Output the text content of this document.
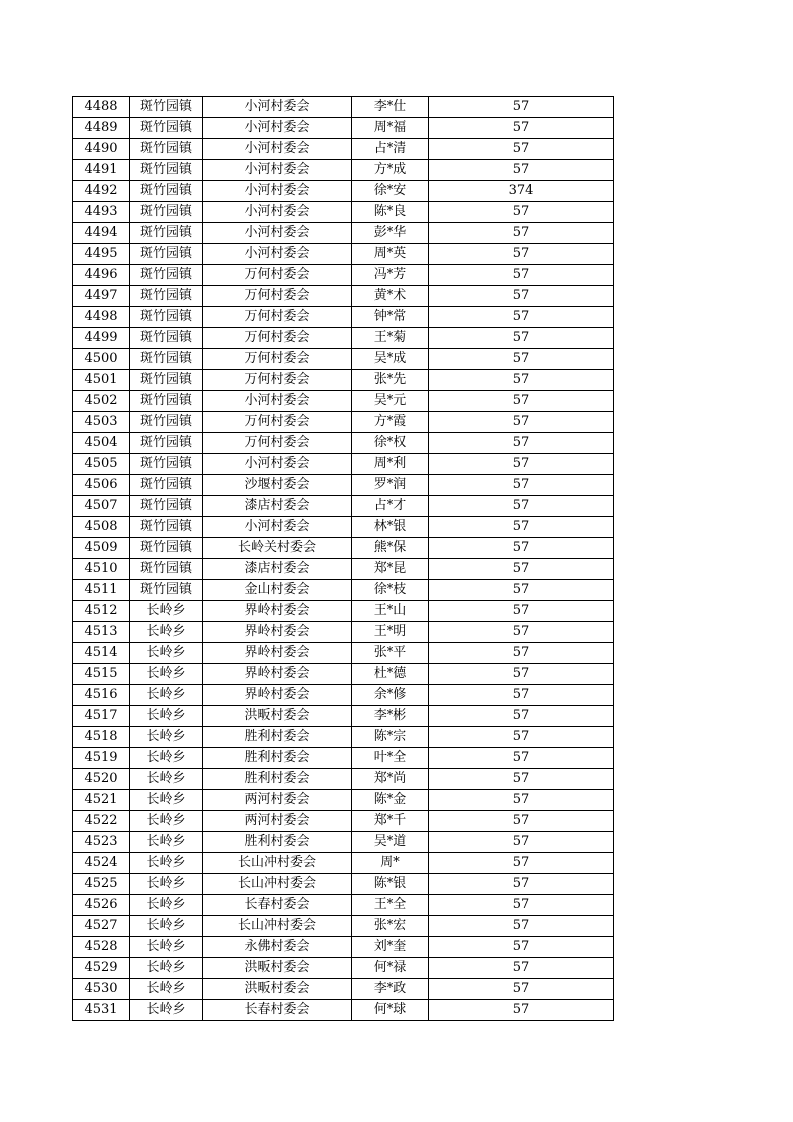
4488	斑竹园镇	小河村委会	李*仕	57
4489	斑竹园镇	小河村委会	周*福	57
4490	斑竹园镇	小河村委会	占*清	57
4491	斑竹园镇	小河村委会	方*成	57
4492	斑竹园镇	小河村委会	徐*安	374
4493	斑竹园镇	小河村委会	陈*良	57
4494	斑竹园镇	小河村委会	彭*华	57
4495	斑竹园镇	小河村委会	周*英	57
4496	斑竹园镇	万何村委会	冯*芳	57
4497	斑竹园镇	万何村委会	黄*术	57
4498	斑竹园镇	万何村委会	钟*常	57
4499	斑竹园镇	万何村委会	王*菊	57
4500	斑竹园镇	万何村委会	吴*成	57
4501	斑竹园镇	万何村委会	张*先	57
4502	斑竹园镇	小河村委会	吴*元	57
4503	斑竹园镇	万何村委会	方*霞	57
4504	斑竹园镇	万何村委会	徐*权	57
4505	斑竹园镇	小河村委会	周*利	57
4506	斑竹园镇	沙堰村委会	罗*润	57
4507	斑竹园镇	漆店村委会	占*才	57
4508	斑竹园镇	小河村委会	林*银	57
4509	斑竹园镇	长岭关村委会	熊*保	57
4510	斑竹园镇	漆店村委会	郑*昆	57
4511	斑竹园镇	金山村委会	徐*枝	57
4512	长岭乡	界岭村委会	王*山	57
4513	长岭乡	界岭村委会	王*明	57
4514	长岭乡	界岭村委会	张*平	57
4515	长岭乡	界岭村委会	杜*德	57
4516	长岭乡	界岭村委会	余*修	57
4517	长岭乡	洪畈村委会	李*彬	57
4518	长岭乡	胜利村委会	陈*宗	57
4519	长岭乡	胜利村委会	叶*全	57
4520	长岭乡	胜利村委会	郑*尚	57
4521	长岭乡	两河村委会	陈*金	57
4522	长岭乡	两河村委会	郑*千	57
4523	长岭乡	胜利村委会	吴*道	57
4524	长岭乡	长山冲村委会	周*	57
4525	长岭乡	长山冲村委会	陈*银	57
4526	长岭乡	长春村委会	王*全	57
4527	长岭乡	长山冲村委会	张*宏	57
4528	长岭乡	永佛村委会	刘*奎	57
4529	长岭乡	洪畈村委会	何*禄	57
4530	长岭乡	洪畈村委会	李*政	57
4531	长岭乡	长春村委会	何*球	57
